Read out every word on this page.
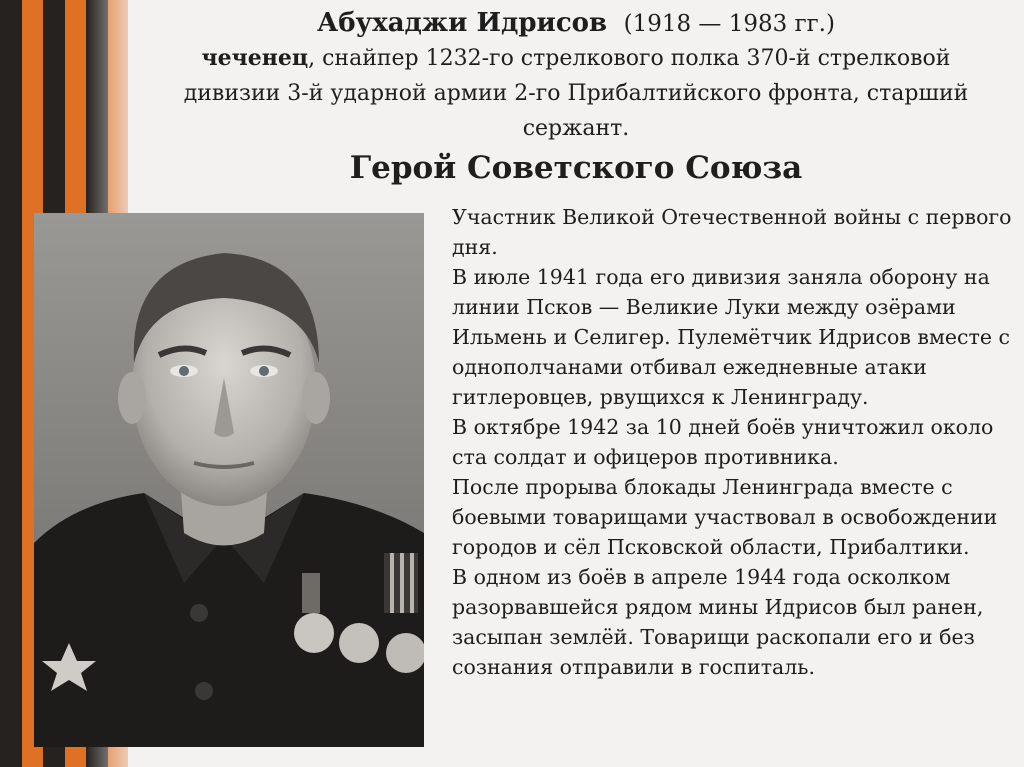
Абухаджи Идрисов (1918 — 1983 гг.)
чеченец, снайпер 1232-го стрелкового полка 370-й стрелковой дивизии 3-й ударной армии 2-го Прибалтийского фронта, старший сержант.
Герой Советского Союза

Участник Великой Отечественной войны с первого дня.

В июле 1941 года его дивизия заняла оборону на линии Псков — Великие Луки между озёрами Ильмень и Селигер. Пулемётчик Идрисов вместе с однополчанами отбивал ежедневные атаки гитлеровцев, рвущихся к Ленинграду.

В октябре 1942 за 10 дней боёв уничтожил около ста солдат и офицеров противника.

После прорыва блокады Ленинграда вместе с боевыми товарищами участвовал в освобождении городов и сёл Псковской области, Прибалтики.

В одном из боёв в апреле 1944 года осколком разорвавшейся рядом мины Идрисов был ранен, засыпан землёй. Товарищи раскопали его и без сознания отправили в госпиталь.
